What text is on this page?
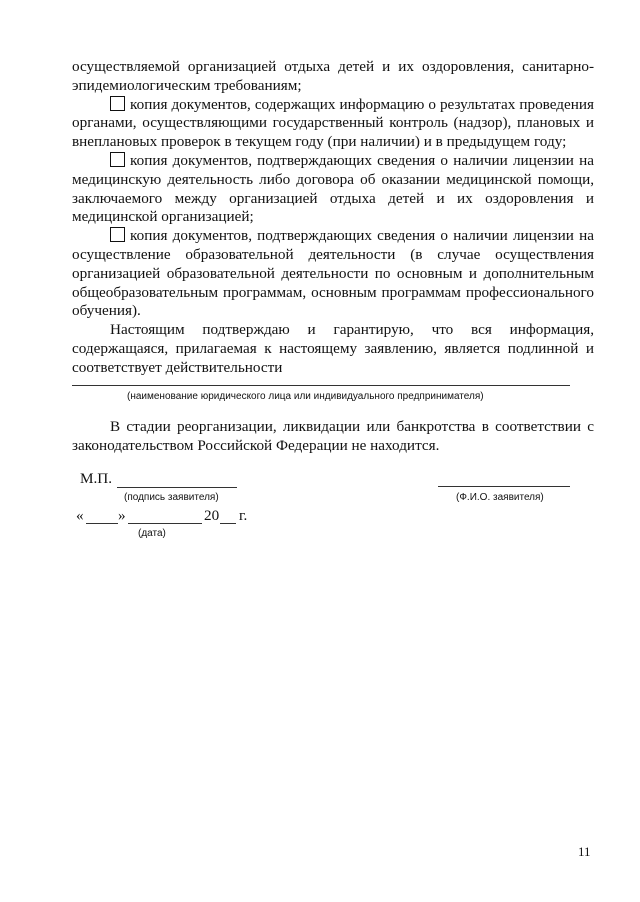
осуществляемой организацией отдыха детей и их оздоровления, санитарно-эпидемиологическим требованиям;

копия документов, содержащих информацию о результатах проведения органами, осуществляющими государственный контроль (надзор), плановых и внеплановых проверок в текущем году (при наличии) и в предыдущем году;

копия документов, подтверждающих сведения о наличии лицензии на медицинскую деятельность либо договора об оказании медицинской помощи, заключаемого между организацией отдыха детей и их оздоровления и медицинской организацией;

копия документов, подтверждающих сведения о наличии лицензии на осуществление образовательной деятельности (в случае осуществления организацией образовательной деятельности по основным и дополнительным общеобразовательным программам, основным программам профессионального обучения).

Настоящим подтверждаю и гарантирую, что вся информация, содержащаяся, прилагаемая к настоящему заявлению, является подлинной и соответствует действительности

(наименование юридического лица или индивидуального предпринимателя)

В стадии реорганизации, ликвидации или банкротства в соответствии с законодательством Российской Федерации не находится.

М.П.
(подпись заявителя)	(Ф.И.О. заявителя)
« »	20 г.
(дата)
11
